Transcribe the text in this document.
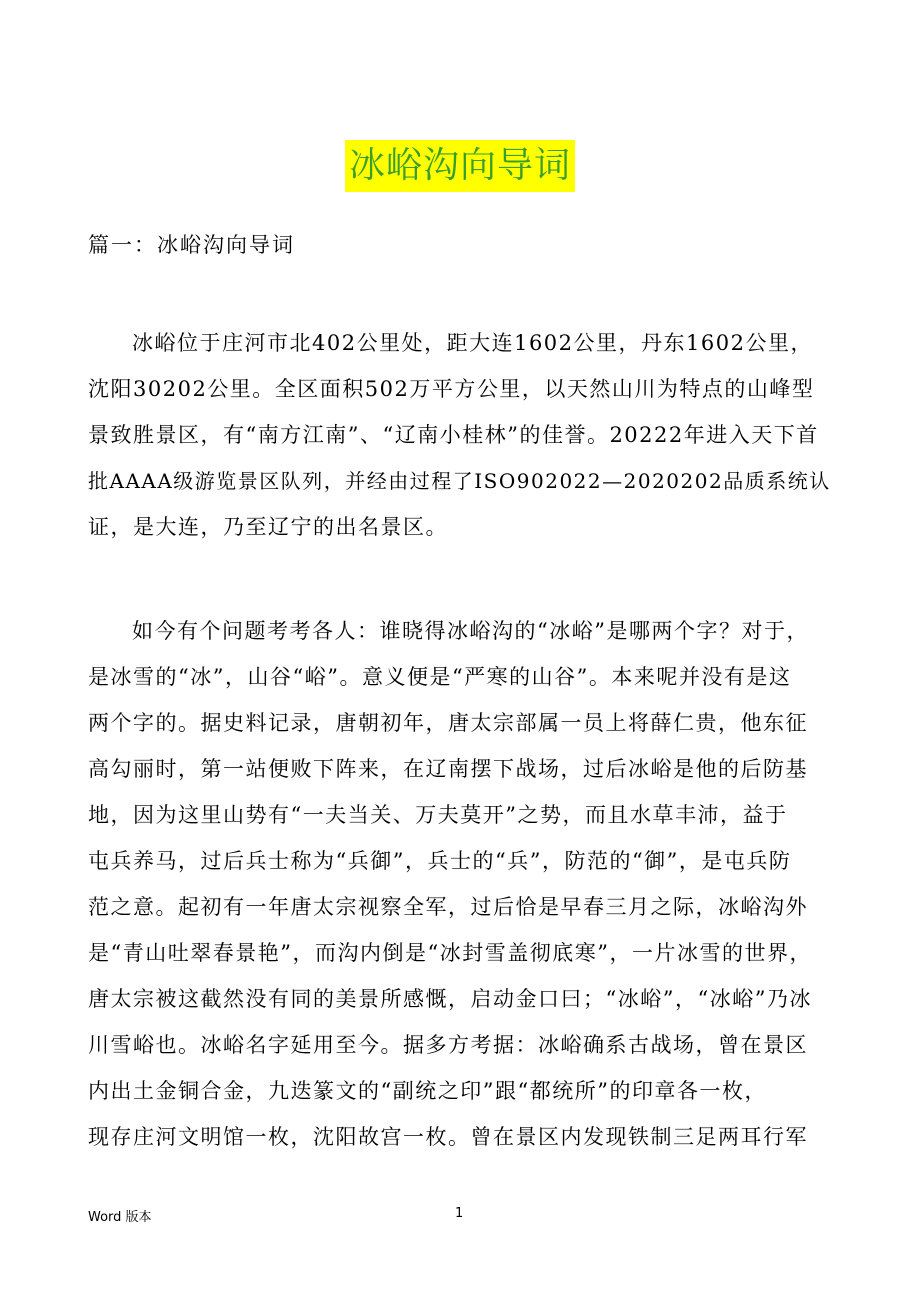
冰峪沟向导词
篇一：冰峪沟向导词
冰峪位于庄河市北402公里处，距大连1602公里，丹东1602公里，
沈阳30202公里。全区面积502万平方公里，以天然山川为特点的山峰型
景致胜景区，有“南方江南”、“辽南小桂林”的佳誉。20222年进入天下首
批AAAA级游览景区队列，并经由过程了ISO902022—2020202品质系统认
证，是大连，乃至辽宁的出名景区。
如今有个问题考考各人：谁晓得冰峪沟的“冰峪”是哪两个字？对于，
是冰雪的“冰”，山谷“峪”。意义便是“严寒的山谷”。本来呢并没有是这
两个字的。据史料记录，唐朝初年，唐太宗部属一员上将薛仁贵，他东征
高勾丽时，第一站便败下阵来，在辽南摆下战场，过后冰峪是他的后防基
地，因为这里山势有“一夫当关、万夫莫开”之势，而且水草丰沛，益于
屯兵养马，过后兵士称为“兵御”，兵士的“兵”，防范的“御”，是屯兵防
范之意。起初有一年唐太宗视察全军，过后恰是早春三月之际，冰峪沟外
是“青山吐翠春景艳”，而沟内倒是“冰封雪盖彻底寒”，一片冰雪的世界，
唐太宗被这截然没有同的美景所感慨，启动金口曰；“冰峪”，“冰峪”乃冰
川雪峪也。冰峪名字延用至今。据多方考据：冰峪确系古战场，曾在景区
内出土金铜合金，九迭篆文的“副统之印”跟“都统所”的印章各一枚，
现存庄河文明馆一枚，沈阳故宫一枚。曾在景区内发现铁制三足两耳行军
Word 版本	1
